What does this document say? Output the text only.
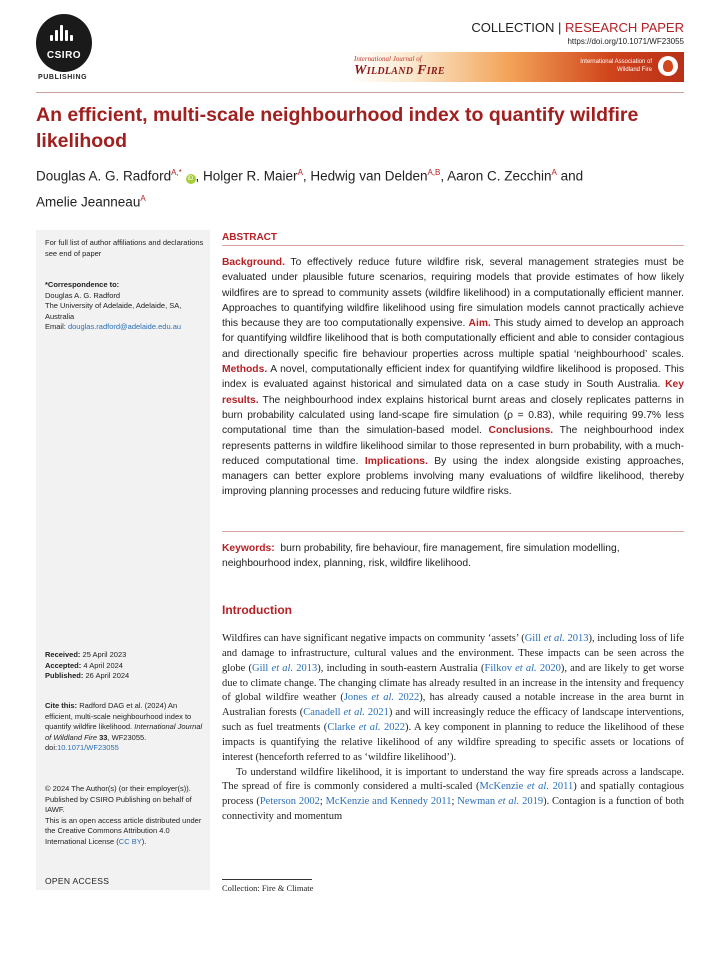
CSIRO
PUBLISHING
COLLECTION | RESEARCH PAPER
https://doi.org/10.1071/WF23055
International Journal of
Wildland Fire
International Association of Wildland Fire
An efficient, multi-scale neighbourhood index to quantify wildfire likelihood
Douglas A. G. Radford$^{A,*}$ iD , Holger R. Maier$^A$, Hedwig van Delden$^{A,B}$, Aaron C. Zecchin$^A$ and
Amelie Jeanneau$^A$
For full list of author affiliations and declarations see end of paper
*Correspondence to:
Douglas A. G. Radford
The University of Adelaide, Adelaide, SA, Australia
Email: douglas.radford@adelaide.edu.au
Received: 25 April 2023
Accepted: 4 April 2024
Published: 26 April 2024
Cite this: Radford DAG et al. (2024) An efficient, multi-scale neighbourhood index to quantify wildfire likelihood. International Journal of Wildland Fire 33, WF23055. doi:10.1071/WF23055
© 2024 The Author(s) (or their employer(s)). Published by CSIRO Publishing on behalf of IAWF.
This is an open access article distributed under the Creative Commons Attribution 4.0 International License (CC BY).
OPEN ACCESS
ABSTRACT
Background. To effectively reduce future wildfire risk, several management strategies must be evaluated under plausible future scenarios, requiring models that provide estimates of how likely wildfires are to spread to community assets (wildfire likelihood) in a computationally efficient manner. Approaches to quantifying wildfire likelihood using fire simulation models cannot practically achieve this because they are too computationally expensive. Aim. This study aimed to develop an approach for quantifying wildfire likelihood that is both computationally efficient and able to consider contagious and directionally specific fire behaviour properties across multiple spatial ‘neighbourhood’ scales. Methods. A novel, computationally efficient index for quantifying wildfire likelihood is proposed. This index is evaluated against historical and simulated data on a case study in South Australia. Key results. The neighbourhood index explains historical burnt areas and closely replicates patterns in burn probability calculated using land-scape fire simulation (ρ = 0.83), while requiring 99.7% less computational time than the simulation-based model. Conclusions. The neighbourhood index represents patterns in wildfire likelihood similar to those represented in burn probability, with a much-reduced computational time. Implications. By using the index alongside existing approaches, managers can better explore problems involving many evaluations of wildfire likelihood, thereby improving planning processes and reducing future wildfire risks.
Keywords: burn probability, fire behaviour, fire management, fire simulation modelling, neighbourhood index, planning, risk, wildfire likelihood.
Introduction

Wildfires can have significant negative impacts on community ‘assets’ (Gill et al. 2013), including loss of life and damage to infrastructure, cultural values and the environment. These impacts can be seen across the globe (Gill et al. 2013), including in south-eastern Australia (Filkov et al. 2020), and are likely to get worse due to climate change. The changing climate has already resulted in an increase in the intensity and frequency of global wildfire weather (Jones et al. 2022), has already caused a notable increase in the area burnt in Australian forests (Canadell et al. 2021) and will increasingly reduce the efficacy of landscape interventions, such as fuel treatments (Clarke et al. 2022). A key component in planning to reduce the likelihood of these impacts is quantifying the relative likelihood of any wildfire spreading to specific assets or locations of interest (henceforth referred to as ‘wildfire likelihood’).

To understand wildfire likelihood, it is important to understand the way fire spreads across a landscape. The spread of fire is commonly considered a multi-scaled (McKenzie et al. 2011) and spatially contagious process (Peterson 2002; McKenzie and Kennedy 2011; Newman et al. 2019). Contagion is a function of both connectivity and momentum

Collection: Fire & Climate
